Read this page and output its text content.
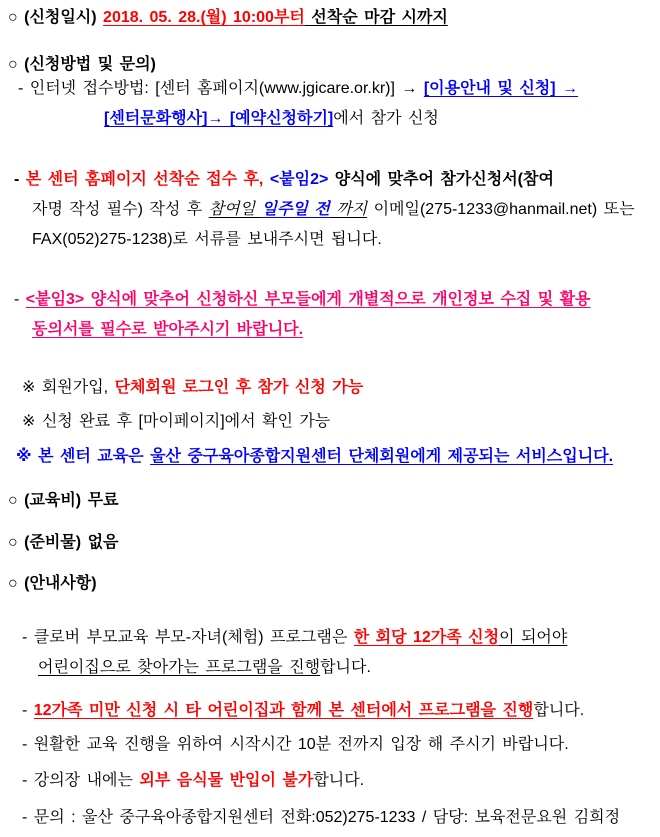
○ (신청일시) 2018. 05. 28.(월) 10:00부터 선착순 마감 시까지
○ (신청방법 및 문의)
- 인터넷 접수방법: [센터 홈페이지(www.jgicare.or.kr)] → [이용안내 및 신청] →
[센터문화행사]→ [예약신청하기]에서 참가 신청
- 본 센터 홈페이지 선착순 접수 후, <붙임2> 양식에 맞추어 참가신청서(참여
자명 작성 필수) 작성 후 참여일 일주일 전 까지 이메일(275-1233@hanmail.net) 또는
FAX(052)275-1238)로 서류를 보내주시면 됩니다.
- <붙임3> 양식에 맞추어 신청하신 부모들에게 개별적으로 개인정보 수집 및 활용
동의서를 필수로 받아주시기 바랍니다.
※ 회원가입, 단체회원 로그인 후 참가 신청 가능
※ 신청 완료 후 [마이페이지]에서 확인 가능
※ 본 센터 교육은 울산 중구육아종합지원센터 단체회원에게 제공되는 서비스입니다.
○ (교육비) 무료
○ (준비물) 없음
○ (안내사항)
- 클로버 부모교육 부모-자녀(체험) 프로그램은 한 회당 12가족 신청이 되어야
어린이집으로 찾아가는 프로그램을 진행합니다.
- 12가족 미만 신청 시 타 어린이집과 함께 본 센터에서 프로그램을 진행합니다.
- 원활한 교육 진행을 위하여 시작시간 10분 전까지 입장 해 주시기 바랍니다.
- 강의장 내에는 외부 음식물 반입이 불가합니다.
- 문의 : 울산 중구육아종합지원센터 전화:052)275-1233 / 담당: 보육전문요원 김희정
